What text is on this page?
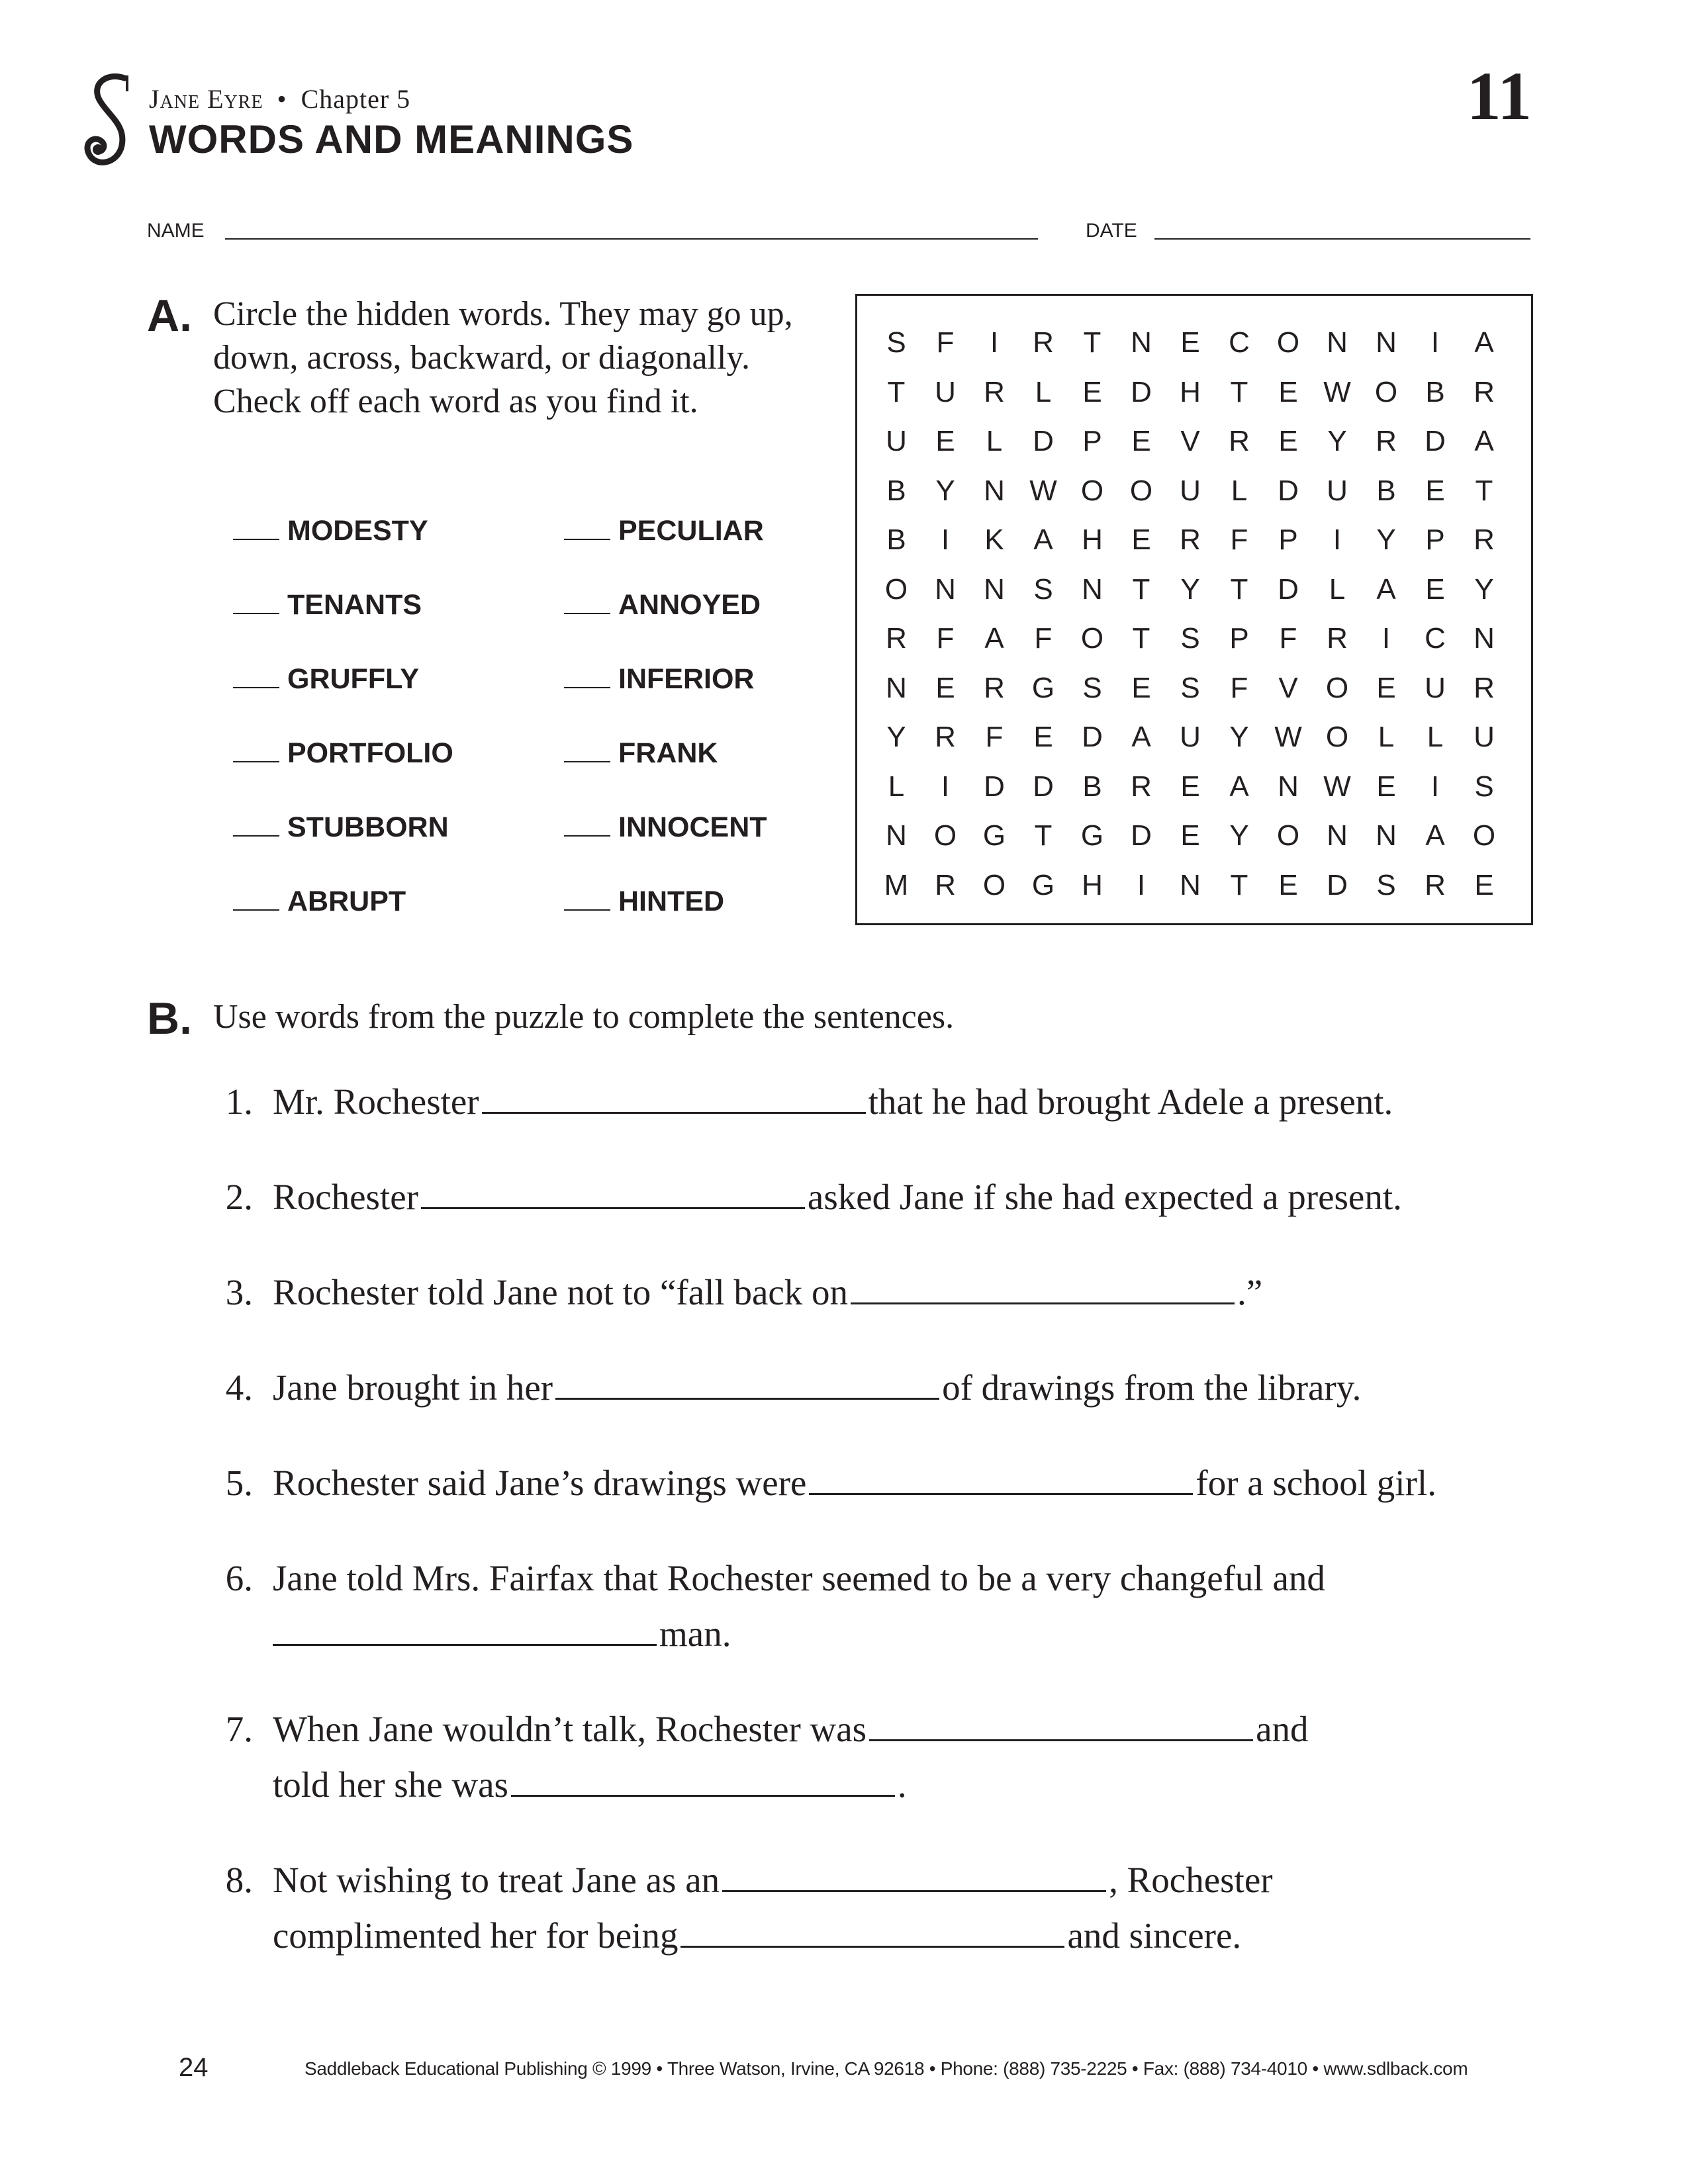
Jane Eyre • Chapter 5
WORDS AND MEANINGS
11
NAME	DATE
A. Circle the hidden words. They may go up, down, across, backward, or diagonally. Check off each word as you find it.
MODESTY
TENANTS
GRUFFLY
PORTFOLIO
STUBBORN
ABRUPT
PECULIAR
ANNOYED
INFERIOR
FRANK
INNOCENT
HINTED
S	F	I	R	T	N E C O N N	I	A
T	U R	L	E D H	T	E W O B R
U E	L	D P	E	V R E	Y R D A
B	Y N W O O U	L	D U B	E	T
B	I	K	A H E R	F	P	I	Y	P R
O N N S N	T	Y	T	D	L	A	E	Y
R	F	A	F O T	S	P	F	R	I	C N
N E R G S	E	S	F	V O E U R
Y R	F	E D A U Y W O	L	L	U
L	I	D D B R E	A N W E	I	S
N O G T G D E	Y O N N A O
M R O G H	I	N	T	E D S R E
B. Use words from the puzzle to complete the sentences.
1. Mr. Rochester	that he had brought Adele a present.
2. Rochester	asked Jane if she had expected a present.
3. Rochester told Jane not to “fall back on	.”
4. Jane brought in her	of drawings from the library.
5. Rochester said Jane’s drawings were	for a school girl.
6. Jane told Mrs. Fairfax that Rochester seemed to be a very changeful and
man.
7. When Jane wouldn’t talk, Rochester was	and
told her she was	.
8. Not wishing to treat Jane as an	, Rochester
complimented her for being	and sincere.
24	Saddleback Educational Publishing © 1999 • Three Watson, Irvine, CA 92618 • Phone: (888) 735-2225 • Fax: (888) 734-4010 • www.sdlback.com
